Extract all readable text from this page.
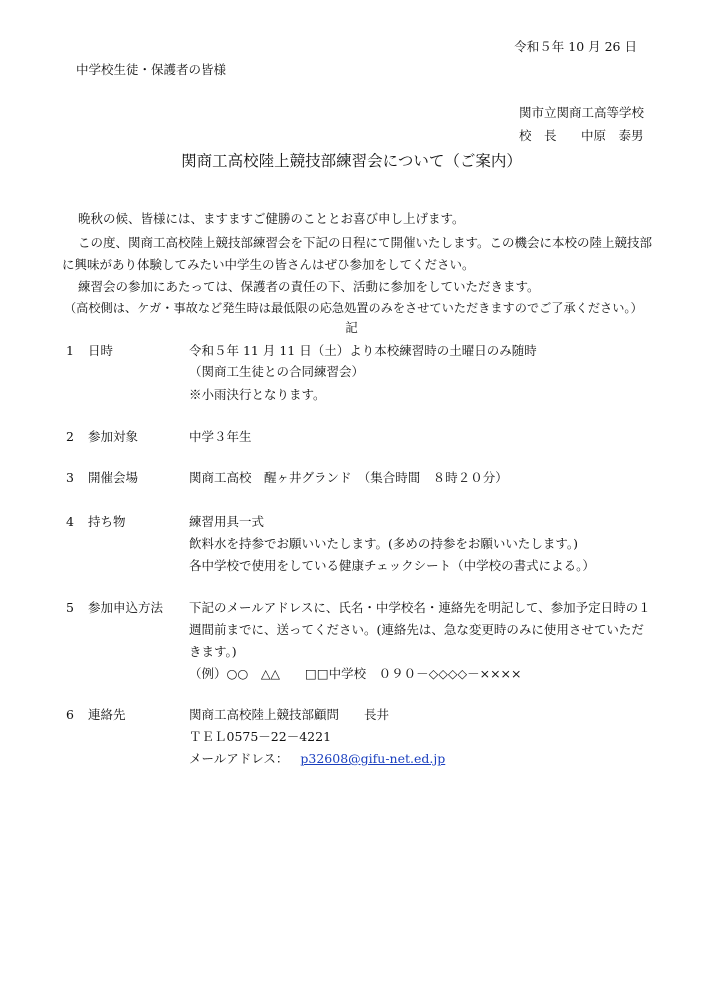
令和５年 10 月 26 日
中学校生徒・保護者の皆様
関市立関商工高等学校
校　長 中原　泰男
関商工高校陸上競技部練習会について（ご案内）
晩秋の候、皆様には、ますますご健勝のこととお喜び申し上げます。
この度、関商工高校陸上競技部練習会を下記の日程にて開催いたします。この機会に本校の陸上競技部
に興味があり体験してみたい中学生の皆さんはぜひ参加をしてください。
練習会の参加にあたっては、保護者の責任の下、活動に参加をしていただきます。
（高校側は、ケガ・事故など発生時は最低限の応急処置のみをさせていただきますのでご了承ください。）
記
1 日時	令和５年 11 月 11 日（土）より本校練習時の土曜日のみ随時
（関商工生徒との合同練習会）
※小雨決行となります。
2 参加対象	中学３年生
3 開催会場	関商工高校　醒ヶ井グランド　（集合時間　８時２０分）
4 持ち物	練習用具一式
飲料水を持参でお願いいたします。(多めの持参をお願いいたします。)
各中学校で使用をしている健康チェックシート（中学校の書式による。）
5 参加申込方法 下記のメールアドレスに、氏名・中学校名・連絡先を明記して、参加予定日時の１
週間前までに、送ってください。(連絡先は、急な変更時のみに使用させていただ
きます。)
（例）○○　△△　　□□中学校　０９０－◇◇◇◇－××××
6 連絡先	関商工高校陸上競技部顧問　　長井
ＴＥＬ0575－22－4221
メールアドレス： p32608@gifu-net.ed.jp
